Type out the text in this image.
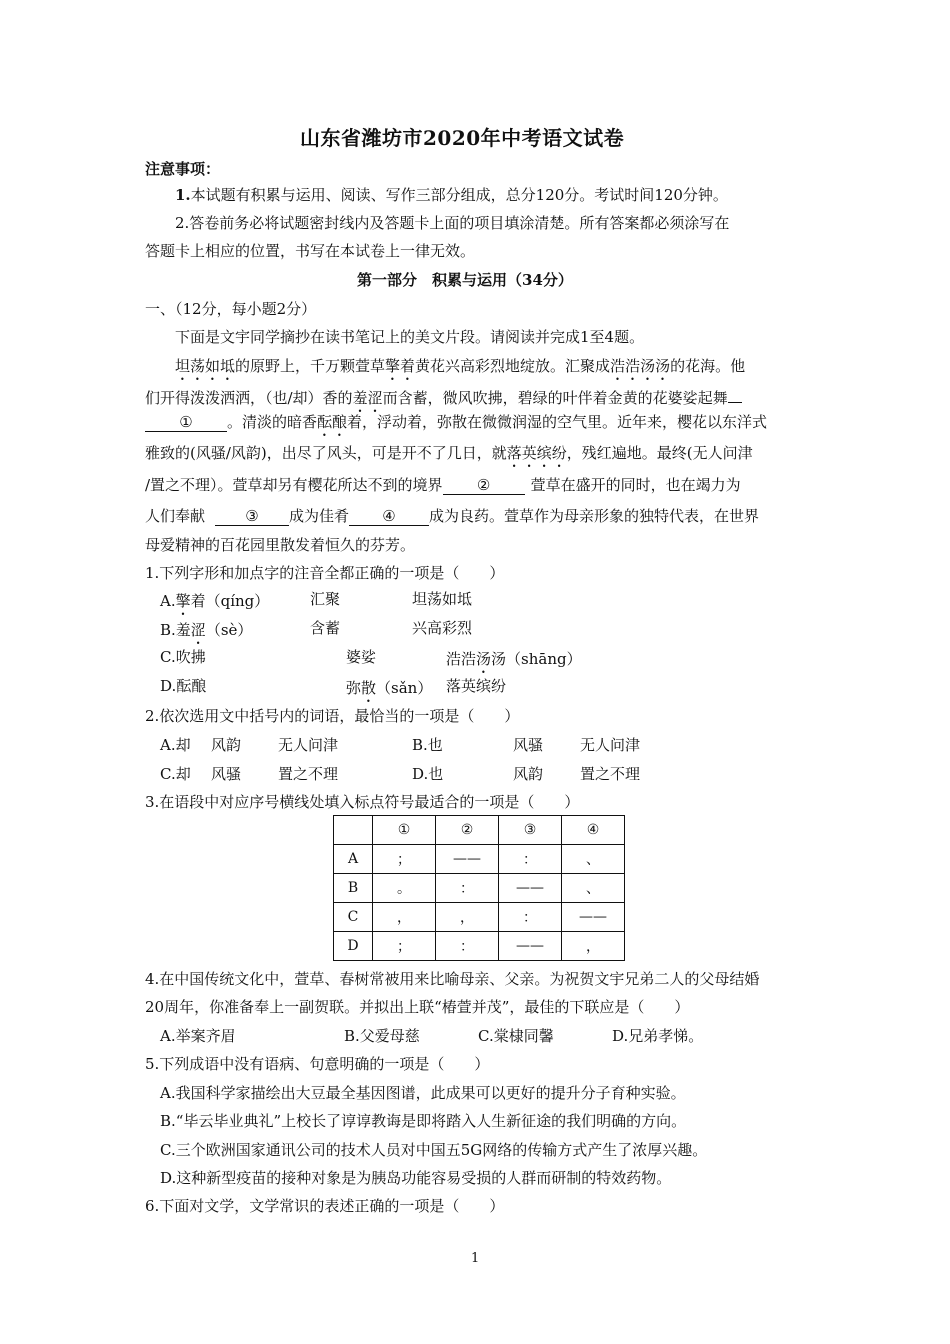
山东省潍坊市2020年中考语文试卷
注意事项：
1.本试题有积累与运用、阅读、写作三部分组成，总分120分。考试时间120分钟。
2.答卷前务必将试题密封线内及答题卡上面的项目填涂清楚。所有答案都必须涂写在
答题卡上相应的位置，书写在本试卷上一律无效。
第一部分　积累与运用（34分）
一、（12分，每小题2分）
下面是文宇同学摘抄在读书笔记上的美文片段。请阅读并完成1至4题。
坦荡如坻的原野上，千万颗萱草擎着黄花兴高彩烈地绽放。汇聚成浩浩汤汤的花海。他
们开得泼泼洒洒，（也/却）香的羞涩而含蓄，微风吹拂，碧绿的叶伴着金黄的花婆娑起舞
① 。清淡的暗香酝酿着，浮动着，弥散在微微润湿的空气里。近年来，樱花以东洋式
雅致的(风骚/风韵)，出尽了风头，可是开不了几日，就落英缤纷，残红遍地。最终(无人问津
/置之不理）。萱草却另有樱花所达不到的境界 ②	萱草在盛开的同时，也在竭力为
人们奉献	③ 成为佳肴 ④ 成为良药。萱草作为母亲形象的独特代表，在世界
母爱精神的百花园里散发着恒久的芬芳。
1.下列字形和加点字的注音全都正确的一项是（　　）
A.擎着（qíng）	汇聚	坦荡如坻
B.羞涩（sè）	含蓄	兴高彩烈
C.吹拂	婆娑	浩浩汤汤（shāng）
D.酝酿	弥散（sǎn） 落英缤纷
2.依次选用文中括号内的词语，最恰当的一项是（　　）
A.却 风韵 无人问津	B.也	风骚 无人问津
C.却 风骚 置之不理	D.也	风韵 置之不理
3.在语段中对应序号横线处填入标点符号最适合的一项是（　　）
	①	②	③	④
A	；	——	：	、
B	。	：	——	、
C	，	，	：	——
D	；	：	——	，
4.在中国传统文化中，萱草、春树常被用来比喻母亲、父亲。为祝贺文宇兄弟二人的父母结婚
20周年，你准备奉上一副贺联。并拟出上联“椿萱并茂”，最佳的下联应是（　　）
A.举案齐眉	B.父爱母慈	C.棠棣同馨	D.兄弟孝悌。
5.下列成语中没有语病、句意明确的一项是（　　）
A.我国科学家描绘出大豆最全基因图谱，此成果可以更好的提升分子育种实验。
B.“毕云毕业典礼”上校长了谆谆教诲是即将踏入人生新征途的我们明确的方向。
C.三个欧洲国家通讯公司的技术人员对中国五5G网络的传输方式产生了浓厚兴趣。
D.这种新型疫苗的接种对象是为胰岛功能容易受损的人群而研制的特效药物。
6.下面对文学，文学常识的表述正确的一项是（　　）
1
